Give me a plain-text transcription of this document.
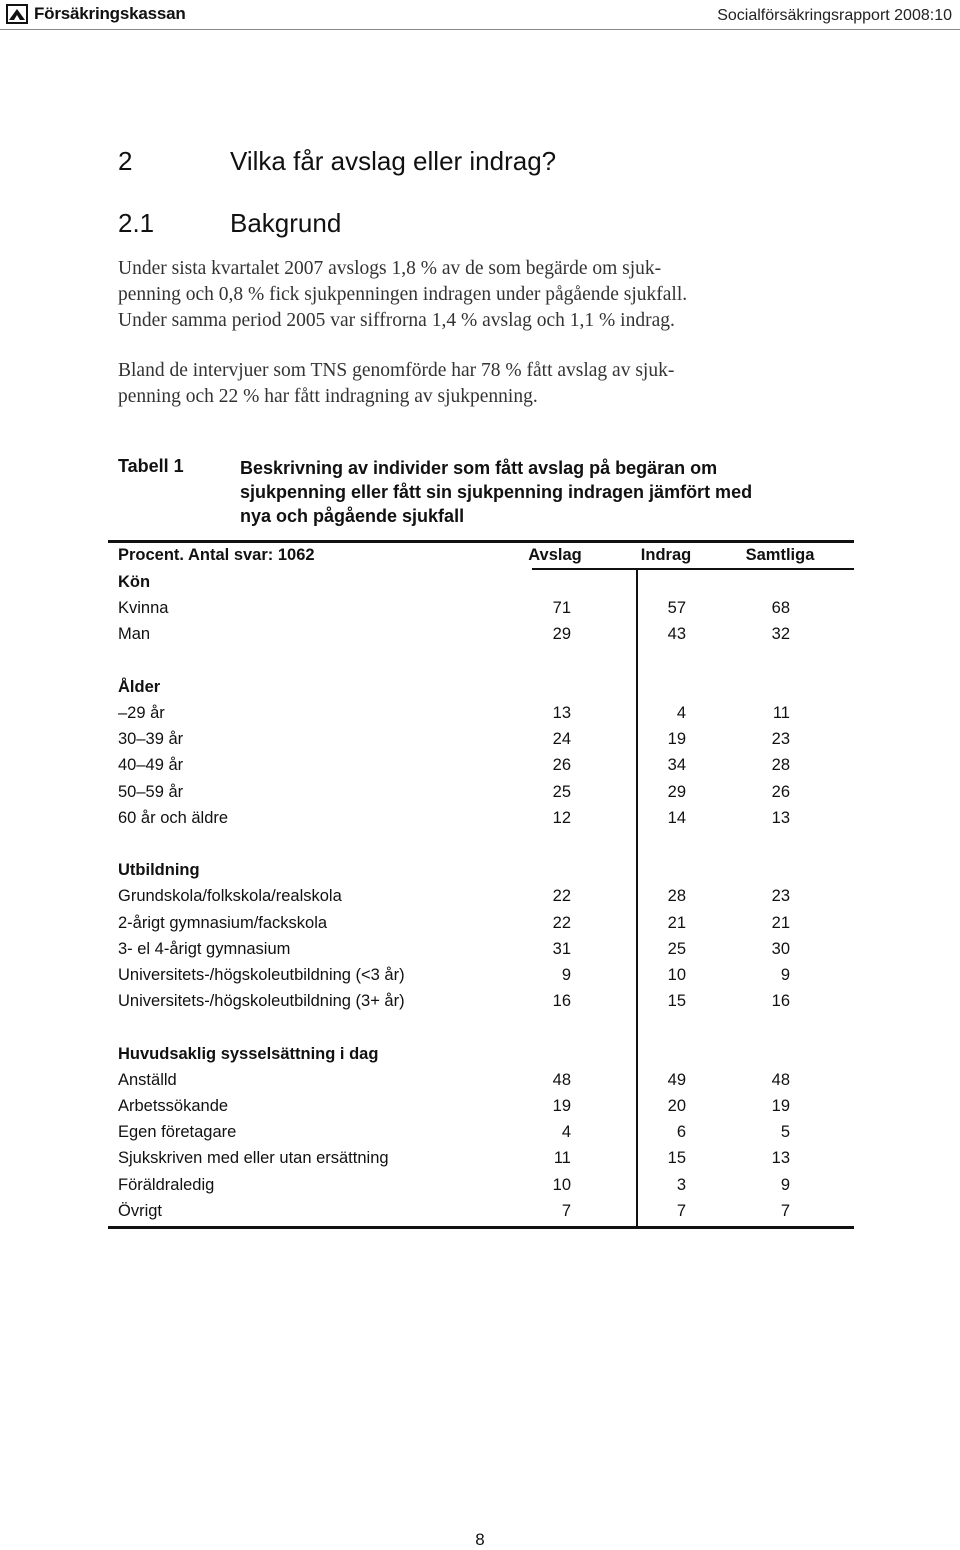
Försäkringskassan	Socialförsäkringsrapport 2008:10
2	Vilka får avslag eller indrag?
2.1	Bakgrund
Under sista kvartalet 2007 avslogs 1,8 % av de som begärde om sjuk-
penning och 0,8 % fick sjukpenningen indragen under pågående sjukfall.
Under samma period 2005 var siffrorna 1,4 % avslag och 1,1 % indrag.
Bland de intervjuer som TNS genomförde har 78 % fått avslag av sjuk-
penning och 22 % har fått indragning av sjukpenning.
Tabell 1	Beskrivning av individer som fått avslag på begäran om
sjukpenning eller fått sin sjukpenning indragen jämfört med
nya och pågående sjukfall
Procent. Antal svar: 1062	Avslag	Indrag	Samtliga
Kön
Kvinna	71	57	68
Man	29	43	32
Ålder
–29 år	13	4	11
30–39 år	24	19	23
40–49 år	26	34	28
50–59 år	25	29	26
60 år och äldre	12	14	13
Utbildning
Grundskola/folkskola/realskola	22	28	23
2-årigt gymnasium/fackskola	22	21	21
3- el 4-årigt gymnasium	31	25	30
Universitets-/högskoleutbildning (<3 år)	9	10	9
Universitets-/högskoleutbildning (3+ år)	16	15	16
Huvudsaklig sysselsättning i dag
Anställd	48	49	48
Arbetssökande	19	20	19
Egen företagare	4	6	5
Sjukskriven med eller utan ersättning	11	15	13
Föräldraledig	10	3	9
Övrigt	7	7	7
8
